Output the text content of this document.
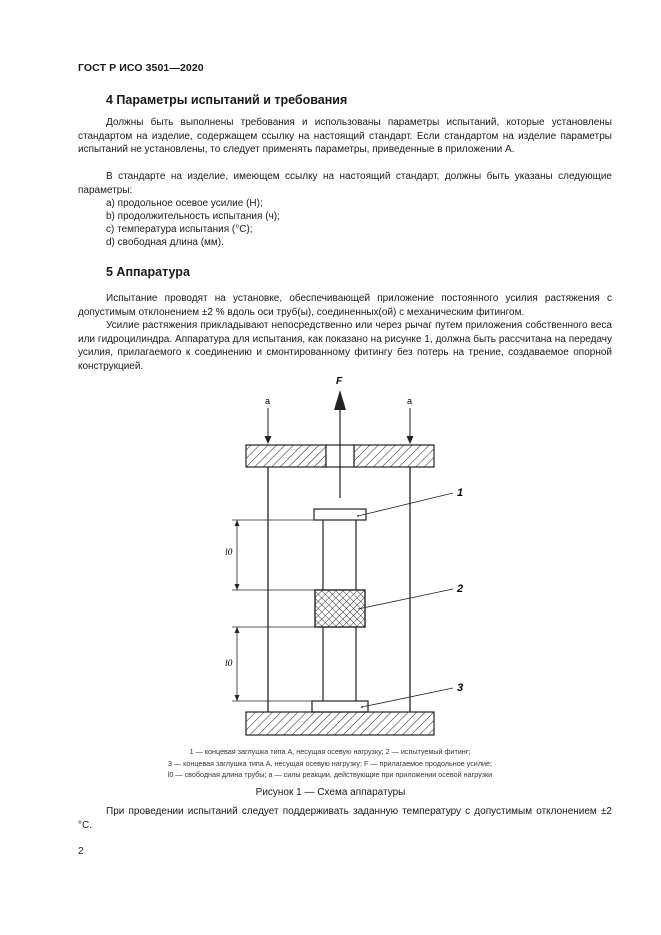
ГОСТ Р ИСО 3501—2020
4 Параметры испытаний и требования

Должны быть выполнены требования и использованы параметры испытаний, которые установлены стандартом на изделие, содержащем ссылку на настоящий стандарт. Если стандартом на изделие параметры испытаний не установлены, то следует применять параметры, приведенные в приложении А.

В стандарте на изделие, имеющем ссылку на настоящий стандарт, должны быть указаны следующие параметры:

a) продольное осевое усилие (Н);
b) продолжительность испытания (ч);
c) температура испытания (°С);
d) свободная длина (мм).
5 Аппаратура

Испытание проводят на установке, обеспечивающей приложение постоянного усилия растяжения с допустимым отклонением ±2 % вдоль оси труб(ы), соединенных(ой) с механическим фитингом.

Усилие растяжения прикладывают непосредственно или через рычаг путем приложения собственного веса или гидроцилиндра. Аппаратура для испытания, как показано на рисунке 1, должна быть рассчитана на передачу усилия, прилагаемого к соединению и смонтированному фитингу без потерь на трение, создаваемое опорной конструкцией.

a	a
F
l0
l0
1
2
3
1 — концевая заглушка типа А, несущая осевую нагрузку; 2 — испытуемый фитинг;
3 — концевая заглушка типа А, несущая осевую нагрузку; F — прилагаемое продольное усилие;
l0 — свободная длина трубы; a — силы реакции, действующие при приложении осевой нагрузки
Рисунок 1 — Схема аппаратуры

При проведении испытаний следует поддерживать заданную температуру с допустимым отклонением ±2 °С.

2
